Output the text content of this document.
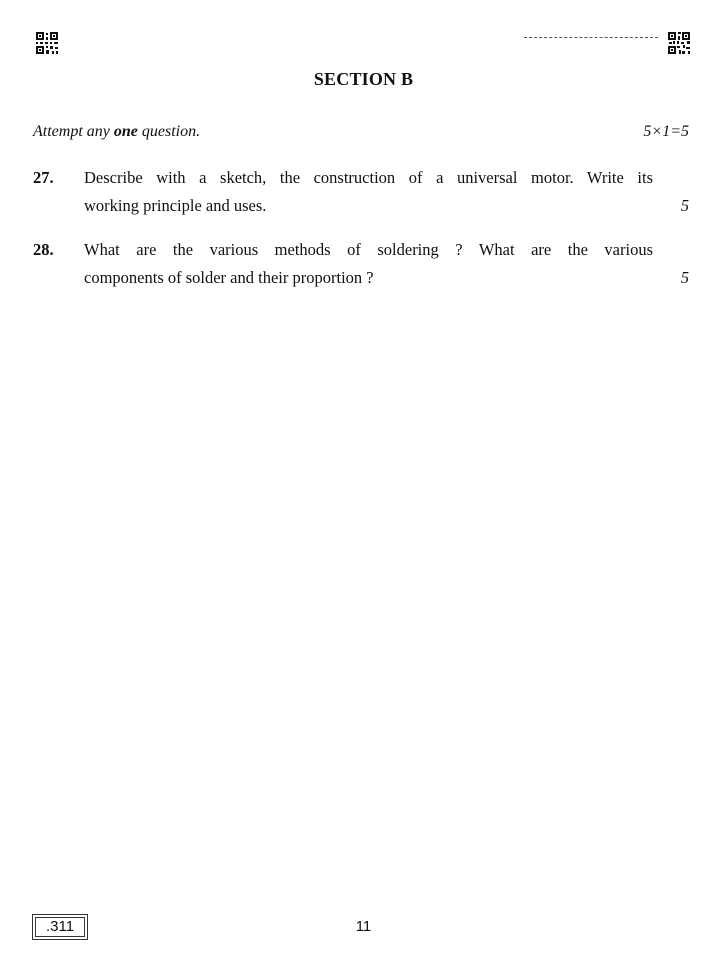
SECTION B
Attempt any one question.	5×1=5
27. Describe with a sketch, the construction of a universal motor. Write its
working principle and uses.	5
28. What are the various methods of soldering ? What are the various
components of solder and their proportion ?	5
.311	11
